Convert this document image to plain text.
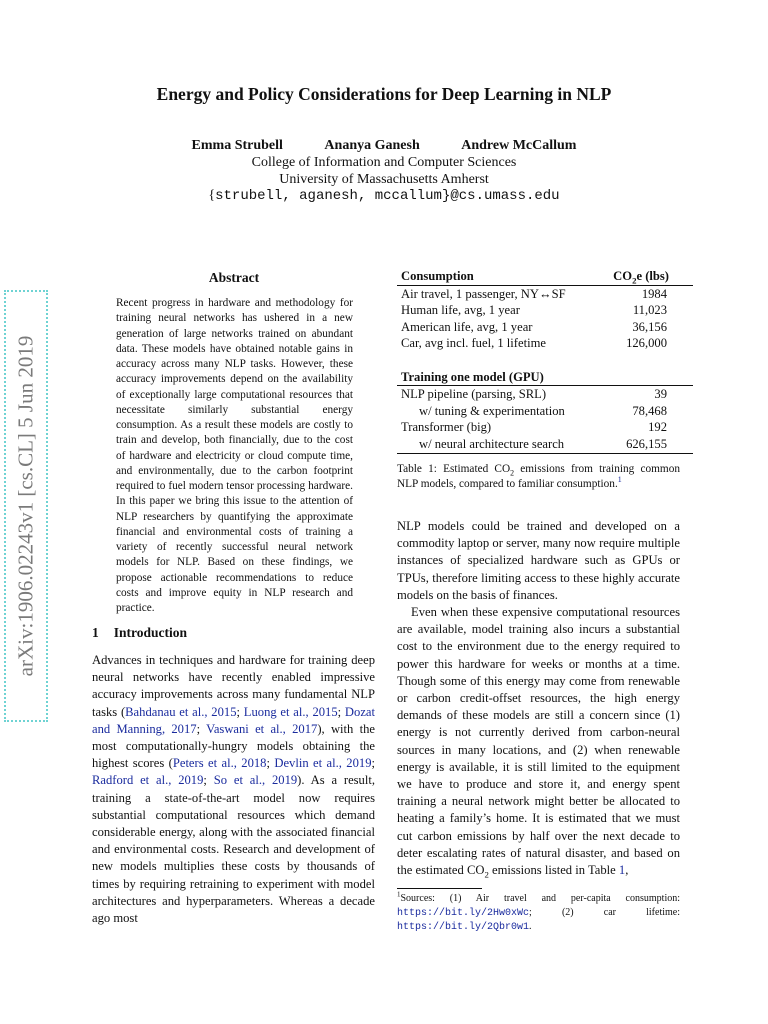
Energy and Policy Considerations for Deep Learning in NLP
Emma Strubell	Ananya Ganesh	Andrew McCallum
College of Information and Computer Sciences
University of Massachusetts Amherst
{strubell, aganesh, mccallum}@cs.umass.edu
arXiv:1906.02243v1 [cs.CL] 5 Jun 2019
Abstract
Recent progress in hardware and methodology for training neural networks has ushered in a new generation of large networks trained on abundant data. These models have obtained notable gains in accuracy across many NLP tasks. However, these accuracy improvements depend on the availability of exceptionally large computational resources that necessitate similarly substantial energy consumption. As a result these models are costly to train and develop, both financially, due to the cost of hardware and electricity or cloud compute time, and environmentally, due to the carbon footprint required to fuel modern tensor processing hardware. In this paper we bring this issue to the attention of NLP researchers by quantifying the approximate financial and environmental costs of training a variety of recently successful neural network models for NLP. Based on these findings, we propose actionable recommendations to reduce costs and improve equity in NLP research and practice.
1 Introduction
Advances in techniques and hardware for training deep neural networks have recently enabled impressive accuracy improvements across many fundamental NLP tasks (Bahdanau et al., 2015; Luong et al., 2015; Dozat and Manning, 2017; Vaswani et al., 2017), with the most computationally-hungry models obtaining the highest scores (Peters et al., 2018; Devlin et al., 2019; Radford et al., 2019; So et al., 2019). As a result, training a state-of-the-art model now requires substantial computational resources which demand considerable energy, along with the associated financial and environmental costs. Research and development of new models multiplies these costs by thousands of times by requiring retraining to experiment with model architectures and hyperparameters. Whereas a decade ago most
Consumption	$CO_2e$ (lbs)
Air travel, 1 passenger, NY↔SF	1984
Human life, avg, 1 year	11,023
American life, avg, 1 year	36,156
Car, avg incl. fuel, 1 lifetime	126,000

Training one model (GPU)	
NLP pipeline (parsing, SRL)	39
w/ tuning & experimentation	78,468
Transformer (big)	192
w/ neural architecture search	626,155
Table 1: Estimated $CO_2$ emissions from training common NLP models, compared to familiar consumption.$^1$
NLP models could be trained and developed on a commodity laptop or server, many now require multiple instances of specialized hardware such as GPUs or TPUs, therefore limiting access to these highly accurate models on the basis of finances.
Even when these expensive computational resources are available, model training also incurs a substantial cost to the environment due to the energy required to power this hardware for weeks or months at a time. Though some of this energy may come from renewable or carbon credit-offset resources, the high energy demands of these models are still a concern since (1) energy is not currently derived from carbon-neural sources in many locations, and (2) when renewable energy is available, it is still limited to the equipment we have to produce and store it, and energy spent training a neural network might better be allocated to heating a family’s home. It is estimated that we must cut carbon emissions by half over the next decade to deter escalating rates of natural disaster, and based on the estimated $CO_2$ emissions listed in Table 1,
$^1$Sources: (1) Air travel and per-capita consumption: https://bit.ly/2Hw0xWc; (2) car lifetime: https://bit.ly/2Qbr0w1.
